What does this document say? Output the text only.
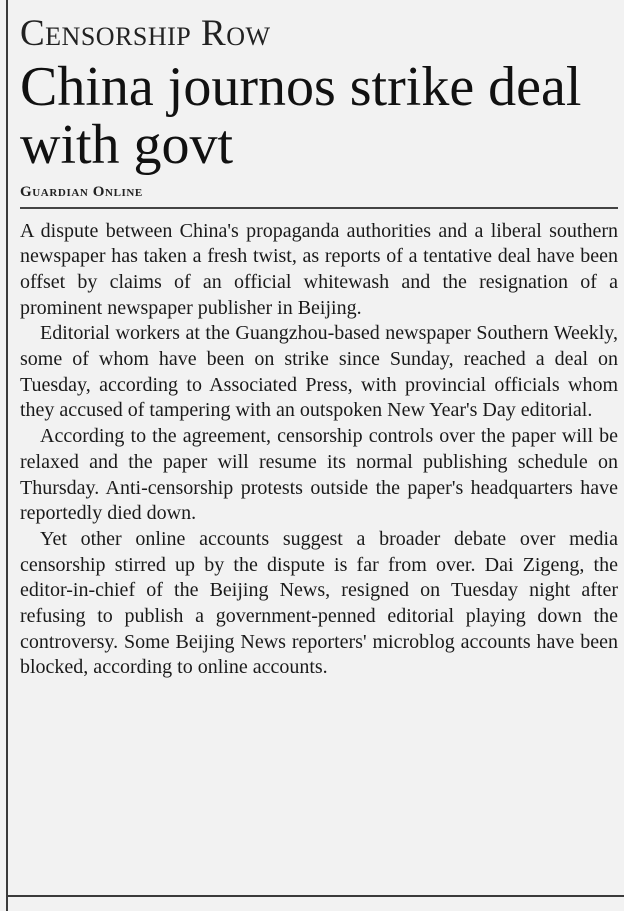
Censorship Row
China journos strike deal with govt
Guardian Online

A dispute between China's propaganda authorities and a liberal southern newspaper has taken a fresh twist, as reports of a tentative deal have been offset by claims of an official whitewash and the resignation of a prominent newspaper publisher in Beijing.

Editorial workers at the Guangzhou-based newspaper Southern Weekly, some of whom have been on strike since Sunday, reached a deal on Tuesday, according to Associated Press, with provincial officials whom they accused of tampering with an outspoken New Year's Day editorial.

According to the agreement, censorship controls over the paper will be relaxed and the paper will resume its normal publishing schedule on Thursday. Anti-censorship protests outside the paper's headquarters have reportedly died down.

Yet other online accounts suggest a broader debate over media censorship stirred up by the dispute is far from over. Dai Zigeng, the editor-in-chief of the Beijing News, resigned on Tuesday night after refusing to publish a government-penned editorial playing down the controversy. Some Beijing News reporters' microblog accounts have been blocked, according to online accounts.
